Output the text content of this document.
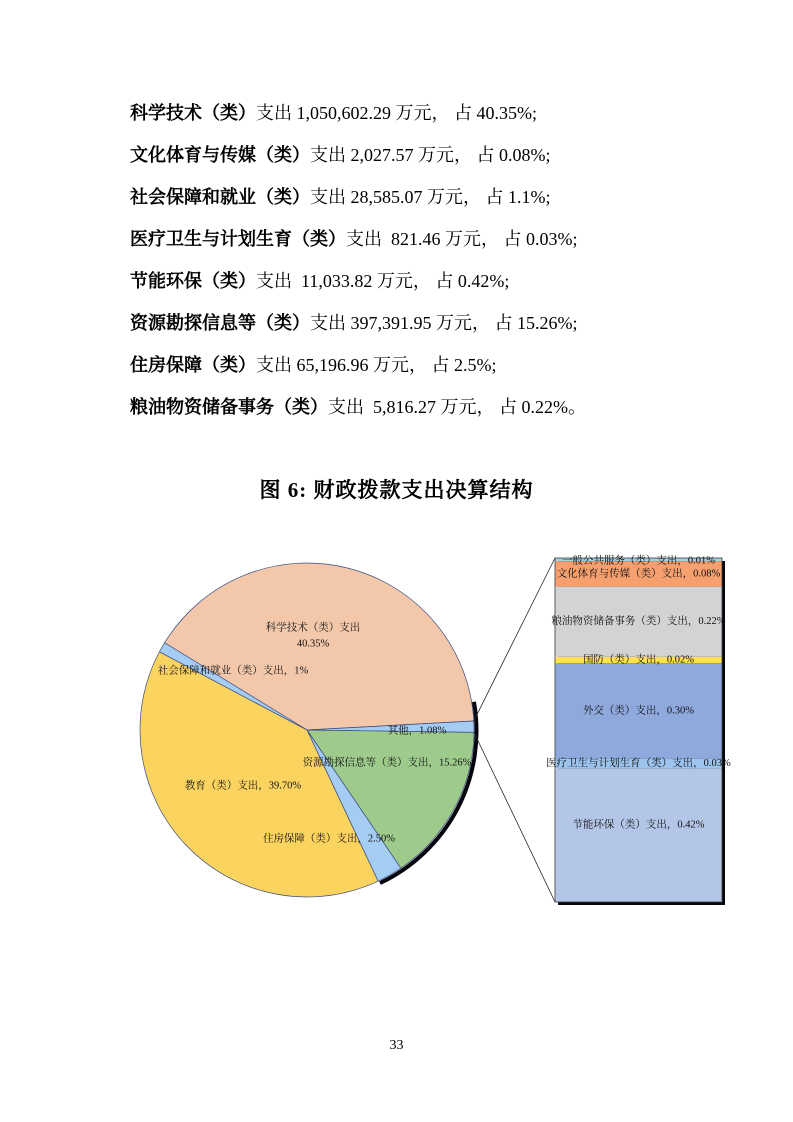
科学技术（类）支出 1,050,602.29 万元， 占 40.35%;
文化体育与传媒（类）支出 2,027.57 万元， 占 0.08%;
社会保障和就业（类）支出 28,585.07 万元， 占 1.1%;
医疗卫生与计划生育（类）支出  821.46 万元， 占 0.03%;
节能环保（类）支出  11,033.82 万元， 占 0.42%;
资源勘探信息等（类）支出 397,391.95 万元， 占 15.26%;
住房保障（类）支出 65,196.96 万元， 占 2.5%;
粮油物资储备事务（类）支出  5,816.27 万元， 占 0.22%。
图 6: 财政拨款支出决算结构
一般公共服务（类）支出，0.01%
文化体育与传媒（类）支出，0.08%
粮油物资储备事务（类）支出，0.22%
国防（类）支出，0.02%
外交（类）支出，0.30%
医疗卫生与计划生育（类）支出，0.03%
节能环保（类）支出，0.42%
科学技术（类）支出
40.35%
其他，1.08%
资源勘探信息等（类）支出，15.26%
住房保障（类）支出，2.50%
教育（类）支出，39.70%
社会保障和就业（类）支出，1%
33
